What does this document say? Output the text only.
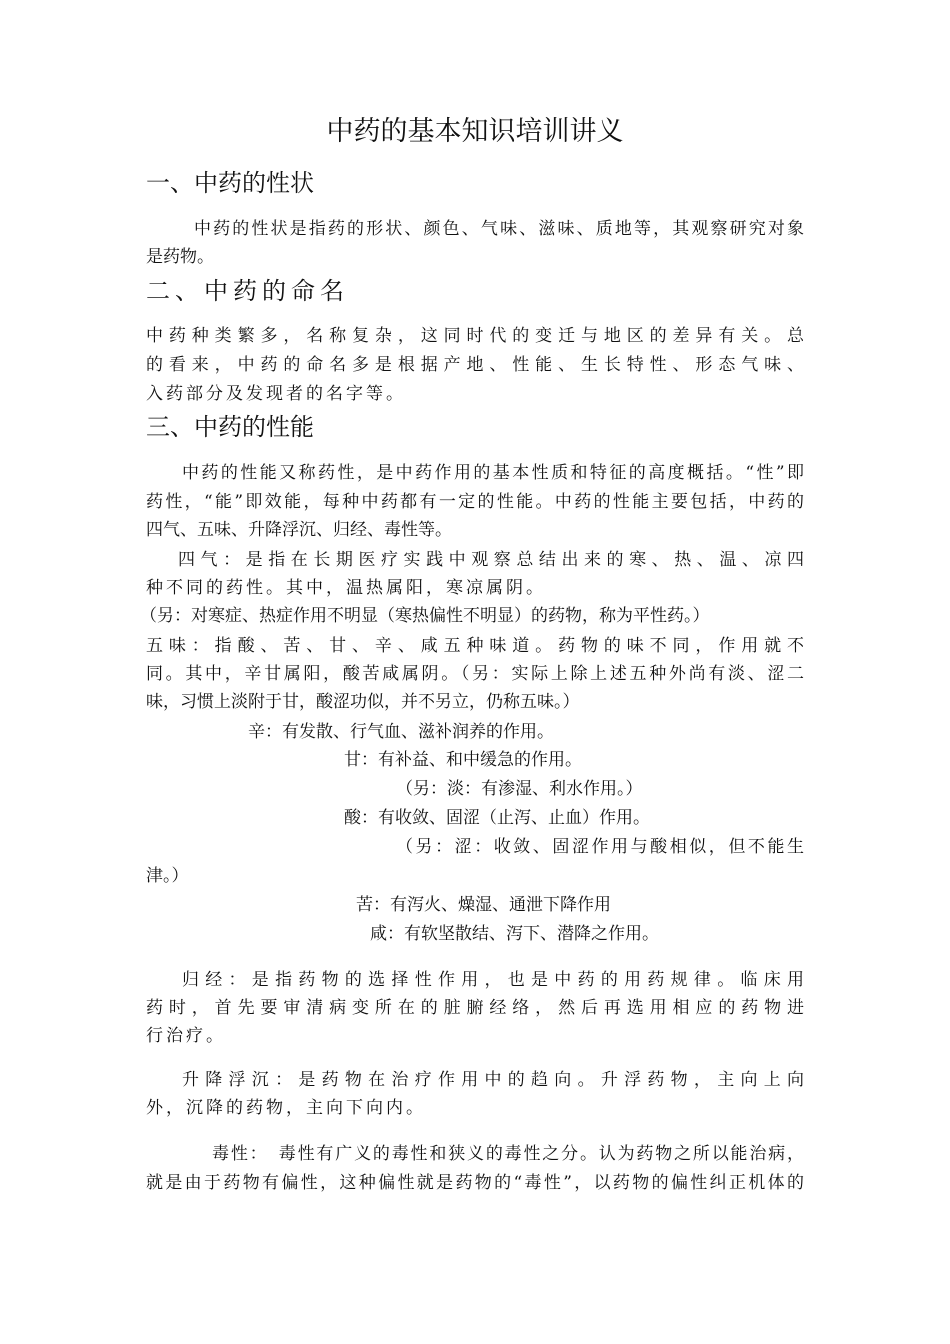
中药的基本知识培训讲义
一、中药的性状
中药的性状是指药的形状、颜色、气味、滋味、质地等，其观察研究对象
是药物。
二、中药的命名
中药种类繁多，名称复杂，这同时代的变迁与地区的差异有关。总
的看来，中药的命名多是根据产地、性能、生长特性、形态气味、
入药部分及发现者的名字等。
三、中药的性能
中药的性能又称药性，是中药作用的基本性质和特征的高度概括。“性”即
药性，“能”即效能，每种中药都有一定的性能。中药的性能主要包括，中药的
四气、五味、升降浮沉、归经、毒性等。
四气：是指在长期医疗实践中观察总结出来的寒、热、温、凉四
种不同的药性。其中，温热属阳，寒凉属阴。
（另：对寒症、热症作用不明显（寒热偏性不明显）的药物，称为平性药。）
五味：指酸、苦、甘、辛、咸五种味道。药物的味不同，作用就不
同。其中，辛甘属阳，酸苦咸属阴。（另：实际上除上述五种外尚有淡、涩二
味，习惯上淡附于甘，酸涩功似，并不另立，仍称五味。）
辛：有发散、行气血、滋补润养的作用。
甘：有补益、和中缓急的作用。
（另：淡：有渗湿、利水作用。）
酸：有收敛、固涩（止泻、止血）作用。
（另：涩：收敛、固涩作用与酸相似，但不能生
津。）
苦：有泻火、燥湿、通泄下降作用
咸：有软坚散结、泻下、潜降之作用。
归经：是指药物的选择性作用，也是中药的用药规律。临床用
药时，首先要审清病变所在的脏腑经络，然后再选用相应的药物进
行治疗。
升降浮沉：是药物在治疗作用中的趋向。升浮药物，主向上向
外，沉降的药物，主向下向内。
毒性：　毒性有广义的毒性和狭义的毒性之分。认为药物之所以能治病，
就是由于药物有偏性，这种偏性就是药物的“毒性”，以药物的偏性纠正机体的
